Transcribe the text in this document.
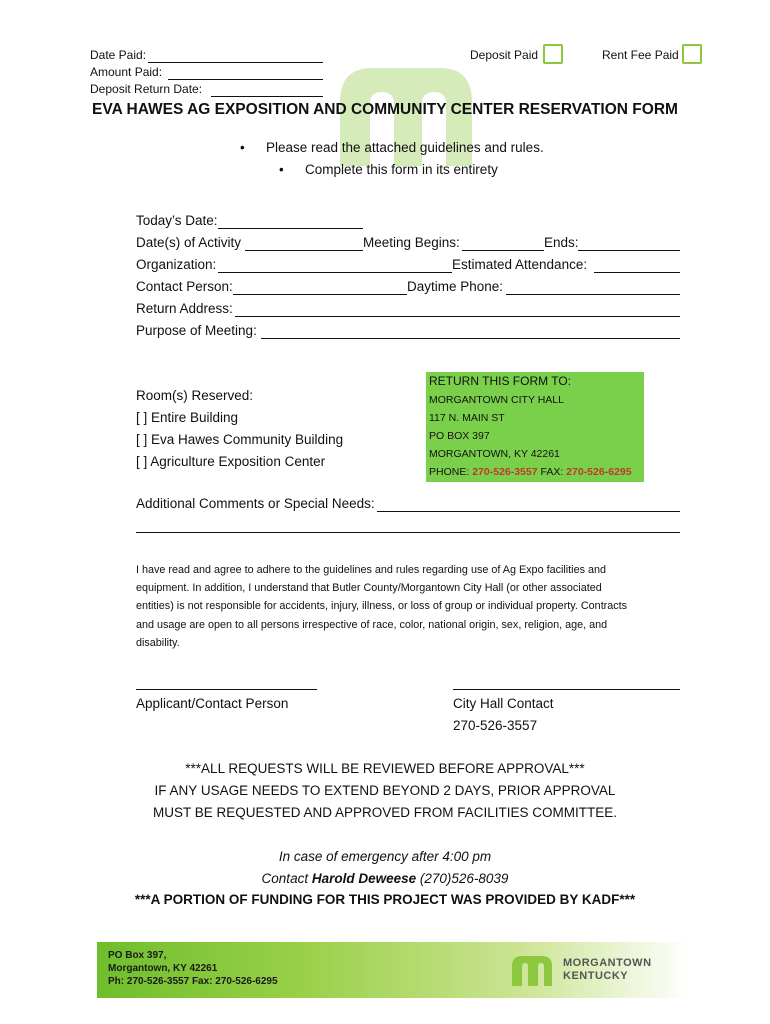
Date Paid:
Amount Paid:
Deposit Return Date:
Deposit Paid	Rent Fee Paid
EVA HAWES AG EXPOSITION AND COMMUNITY CENTER RESERVATION FORM
• Please read the attached guidelines and rules.
• Complete this form in its entirety
Today’s Date:
Date(s) of Activity	Meeting Begins:	Ends:
Organization:	Estimated Attendance:
Contact Person:	Daytime Phone:
Return Address:
Purpose of Meeting:
Room(s) Reserved:
[ ] Entire Building
[ ] Eva Hawes Community Building
[ ] Agriculture Exposition Center
RETURN THIS FORM TO:
MORGANTOWN CITY HALL
117 N. MAIN ST
PO BOX 397
MORGANTOWN, KY 42261
PHONE: 270-526-3557 FAX: 270-526-6295
Additional Comments or Special Needs:
I have read and agree to adhere to the guidelines and rules regarding use of Ag Expo facilities and
equipment. In addition, I understand that Butler County/Morgantown City Hall (or other associated
entities) is not responsible for accidents, injury, illness, or loss of group or individual property. Contracts
and usage are open to all persons irrespective of race, color, national origin, sex, religion, age, and
disability.
Applicant/Contact Person	City Hall Contact
270-526-3557
***ALL REQUESTS WILL BE REVIEWED BEFORE APPROVAL***
IF ANY USAGE NEEDS TO EXTEND BEYOND 2 DAYS, PRIOR APPROVAL
MUST BE REQUESTED AND APPROVED FROM FACILITIES COMMITTEE.
In case of emergency after 4:00 pm
Contact Harold Deweese (270)526-8039
***A PORTION OF FUNDING FOR THIS PROJECT WAS PROVIDED BY KADF***
PO Box 397,
Morgantown, KY 42261
Ph: 270-526-3557 Fax: 270-526-6295
MORGANTOWN
KENTUCKY
